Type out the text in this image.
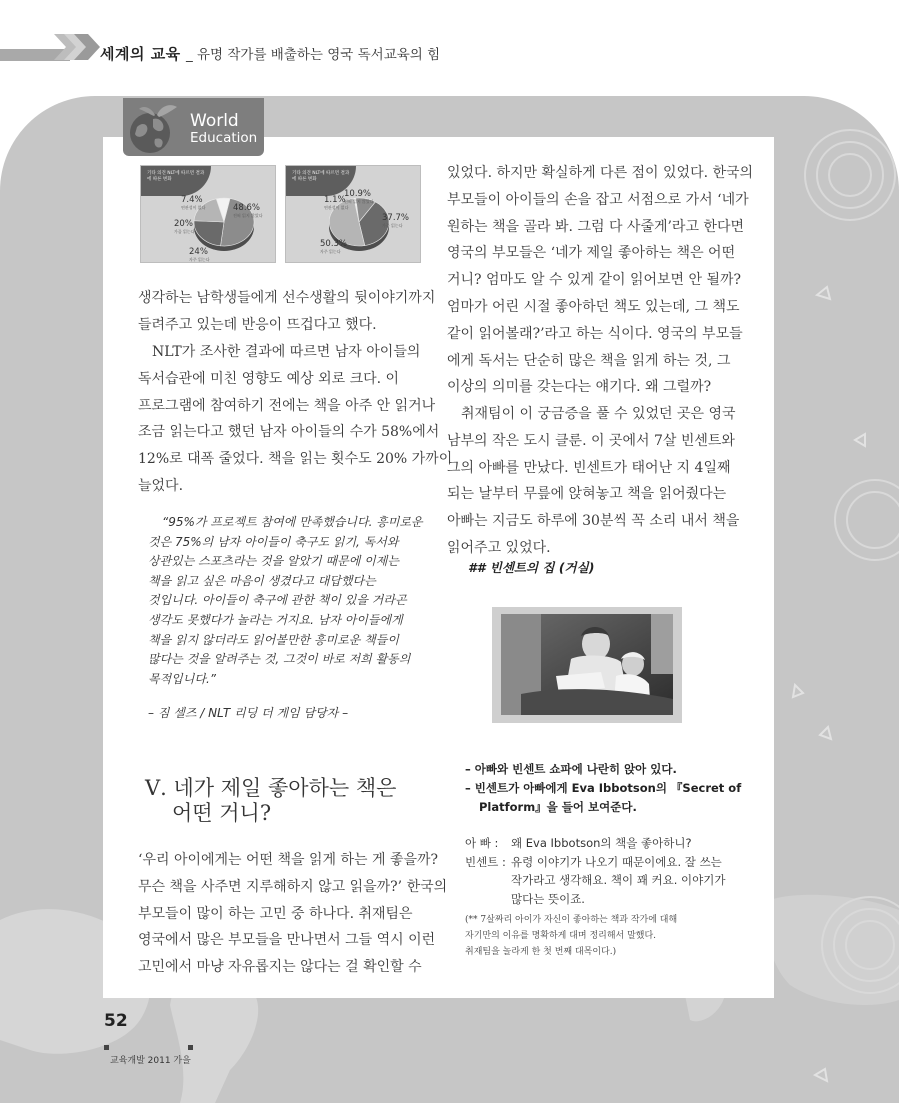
세계의 교육 _ 유명 작가를 배출하는 영국 독서교육의 힘
World
Education
기타 의견 NLT에 따르면 결과에 따른 변화
7.4%
연관성이 없다	48.6%
전혀 읽지 않았다
20%
가끔 읽는다
24%
자주 읽는다
기타 의견 NLT에 따르면 결과에 따른 변화
1.1%
연관성이 없다
10.9%
전혀 읽지 않았다
37.7%
가끔 읽는다
50.3%
자주 읽는다
생각하는 남학생들에게 선수생활의 뒷이야기까지
들려주고 있는데 반응이 뜨겁다고 했다.
NLT가 조사한 결과에 따르면 남자 아이들의
독서습관에 미친 영향도 예상 외로 크다. 이
프로그램에 참여하기 전에는 책을 아주 안 읽거나
조금 읽는다고 했던 남자 아이들의 수가 58%에서
12%로 대폭 줄었다. 책을 읽는 횟수도 20% 가까이
늘었다.
“95%가 프로젝트 참여에 만족했습니다. 흥미로운
것은 75%의 남자 아이들이 축구도 읽기, 독서와
상관있는 스포츠라는 것을 알았기 때문에 이제는
책을 읽고 싶은 마음이 생겼다고 대답했다는
것입니다. 아이들이 축구에 관한 책이 있을 거라곤
생각도 못했다가 놀라는 거지요. 남자 아이들에게
책을 읽지 않더라도 읽어볼만한 흥미로운 책들이
많다는 것을 알려주는 것, 그것이 바로 저희 활동의
목적입니다.”
– 짐 셀즈 / NLT 리딩 더 게임 담당자 –
Ⅴ. 네가 제일 좋아하는 책은
어떤 거니?
‘우리 아이에게는 어떤 책을 읽게 하는 게 좋을까?
무슨 책을 사주면 지루해하지 않고 읽을까?’ 한국의
부모들이 많이 하는 고민 중 하나다. 취재팀은
영국에서 많은 부모들을 만나면서 그들 역시 이런
고민에서 마냥 자유롭지는 않다는 걸 확인할 수
있었다. 하지만 확실하게 다른 점이 있었다. 한국의
부모들이 아이들의 손을 잡고 서점으로 가서 ‘네가
원하는 책을 골라 봐. 그럼 다 사줄게’라고 한다면
영국의 부모들은 ‘네가 제일 좋아하는 책은 어떤
거니? 엄마도 알 수 있게 같이 읽어보면 안 될까?
엄마가 어린 시절 좋아하던 책도 있는데, 그 책도
같이 읽어볼래?’라고 하는 식이다. 영국의 부모들
에게 독서는 단순히 많은 책을 읽게 하는 것, 그
이상의 의미를 갖는다는 얘기다. 왜 그럴까?
취재팀이 이 궁금증을 풀 수 있었던 곳은 영국
남부의 작은 도시 클룬. 이 곳에서 7살 빈센트와
그의 아빠를 만났다. 빈센트가 태어난 지 4일째
되는 날부터 무릎에 앉혀놓고 책을 읽어줬다는
아빠는 지금도 하루에 30분씩 꼭 소리 내서 책을
읽어주고 있었다.
## 빈센트의 집 (거실)
– 아빠와 빈센트 쇼파에 나란히 앉아 있다.
– 빈센트가 아빠에게 Eva Ibbotson의 『Secret of
Platform』을 들어 보여준다.
아 빠 :	왜 Eva Ibbotson의 책을 좋아하니?
빈센트 : 유령 이야기가 나오기 때문이에요. 잘 쓰는
작가라고 생각해요. 책이 꽤 커요. 이야기가
많다는 뜻이죠.
(** 7살짜리 아이가 자신이 좋아하는 책과 작가에 대해
자기만의 이유를 명확하게 대며 정리해서 말했다.
취재팀을 놀라게 한 첫 번째 대목이다.)
52
교육개발 2011 가을
